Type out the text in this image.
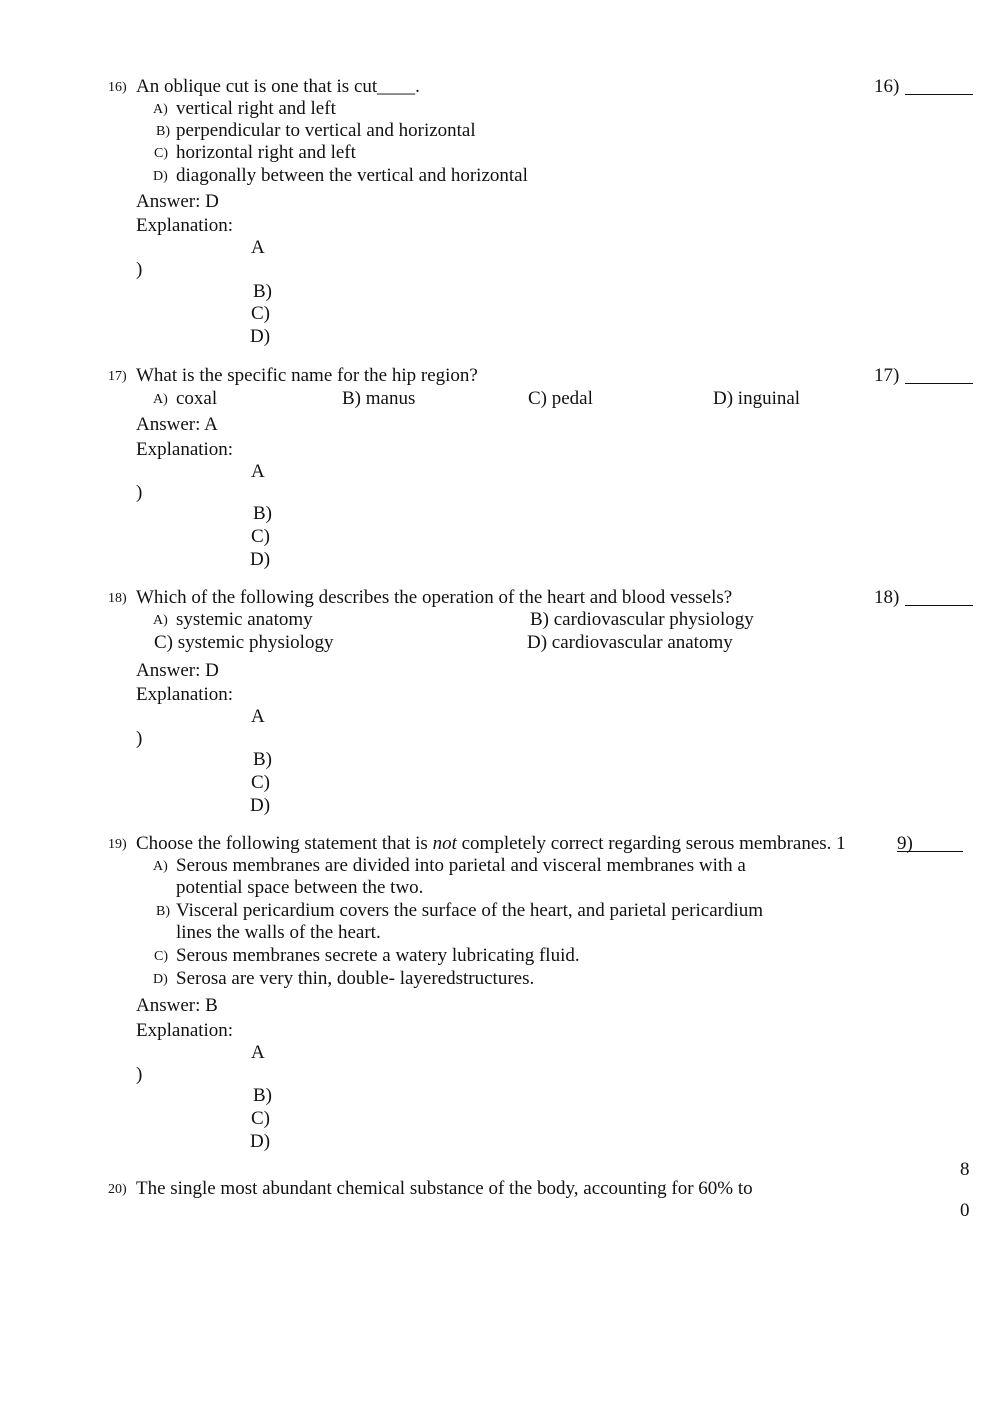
16) An oblique cut is one that is cut____.	16)
A) vertical right and left
B) perpendicular to vertical and horizontal
C) horizontal right and left
D) diagonally between the vertical and horizontal
Answer: D
Explanation:
A
)
B)
C)
D)
17) What is the specific name for the hip region?	17)
A) coxal	B) manus	C) pedal	D) inguinal
Answer: A
Explanation:
A
)
B)
C)
D)
18) Which of the following describes the operation of the heart and blood vessels?	18)
A) systemic anatomy	B) cardiovascular physiology
C) systemic physiology	D) cardiovascular anatomy
Answer: D
Explanation:
A
)
B)
C)
D)
19) Choose the following statement that is not completely correct regarding serous membranes. 1	9)
A) Serous membranes are divided into parietal and visceral membranes with a
potential space between the two.
B) Visceral pericardium covers the surface of the heart, and parietal pericardium
lines the walls of the heart.
C) Serous membranes secrete a watery lubricating fluid.
D) Serosa are very thin, double- layeredstructures.
Answer: B
Explanation:
A
)
B)
C)
D)
8
20) The single most abundant chemical substance of the body, accounting for 60% to
0
